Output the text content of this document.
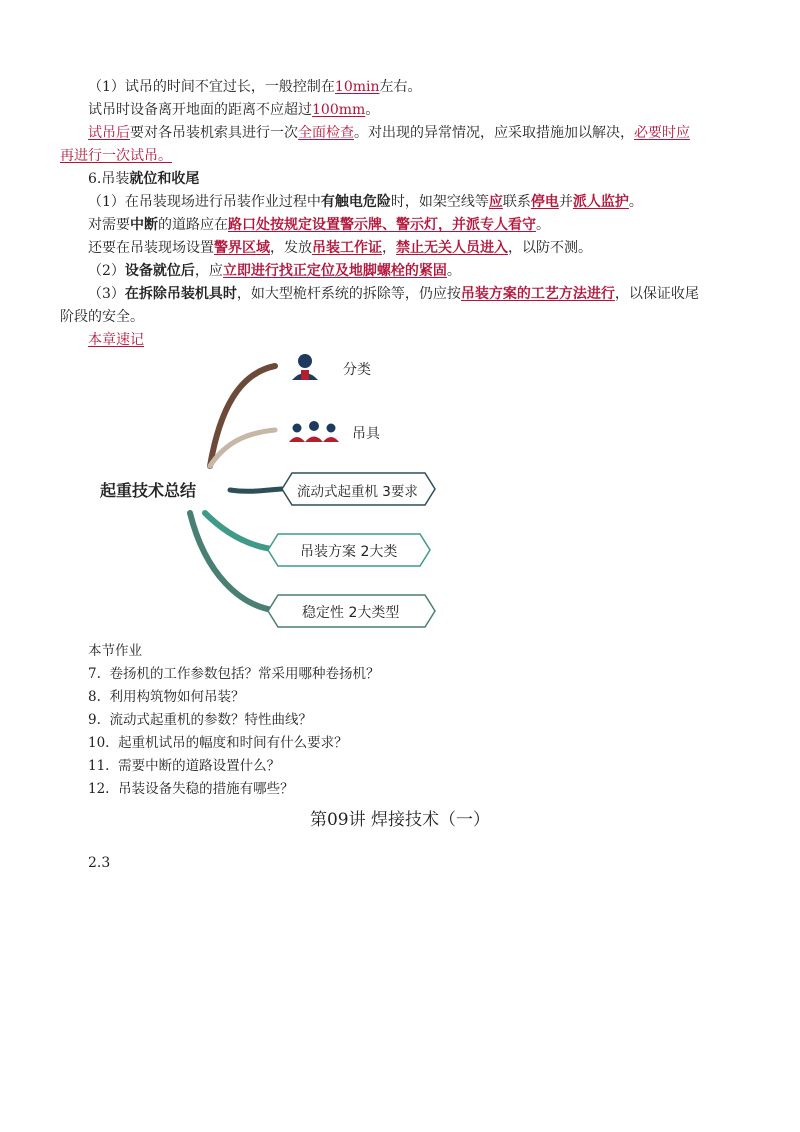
（1）试吊的时间不宜过长，一般控制在10min左右。
试吊时设备离开地面的距离不应超过100mm。
试吊后要对各吊装机索具进行一次全面检查。对出现的异常情况，应采取措施加以解决，必要时应
再进行一次试吊。
6.吊装就位和收尾
（1）在吊装现场进行吊装作业过程中有触电危险时，如架空线等应联系停电并派人监护。
对需要中断的道路应在路口处按规定设置警示牌、警示灯，并派专人看守。
还要在吊装现场设置警界区域，发放吊装工作证，禁止无关人员进入，以防不测。
（2）设备就位后，应立即进行找正定位及地脚螺栓的紧固。
（3）在拆除吊装机具时，如大型桅杆系统的拆除等，仍应按吊装方案的工艺方法进行，以保证收尾
阶段的安全。
本章速记
起重技术总结
分类
吊具
流动式起重机 3要求
吊装方案 2大类
稳定性 2大类型
本节作业
7. 卷扬机的工作参数包括？常采用哪种卷扬机？
8. 利用构筑物如何吊装？
9. 流动式起重机的参数？特性曲线？
10. 起重机试吊的幅度和时间有什么要求？
11. 需要中断的道路设置什么？
12. 吊装设备失稳的措施有哪些？
第09讲 焊接技术（一）
2.3
